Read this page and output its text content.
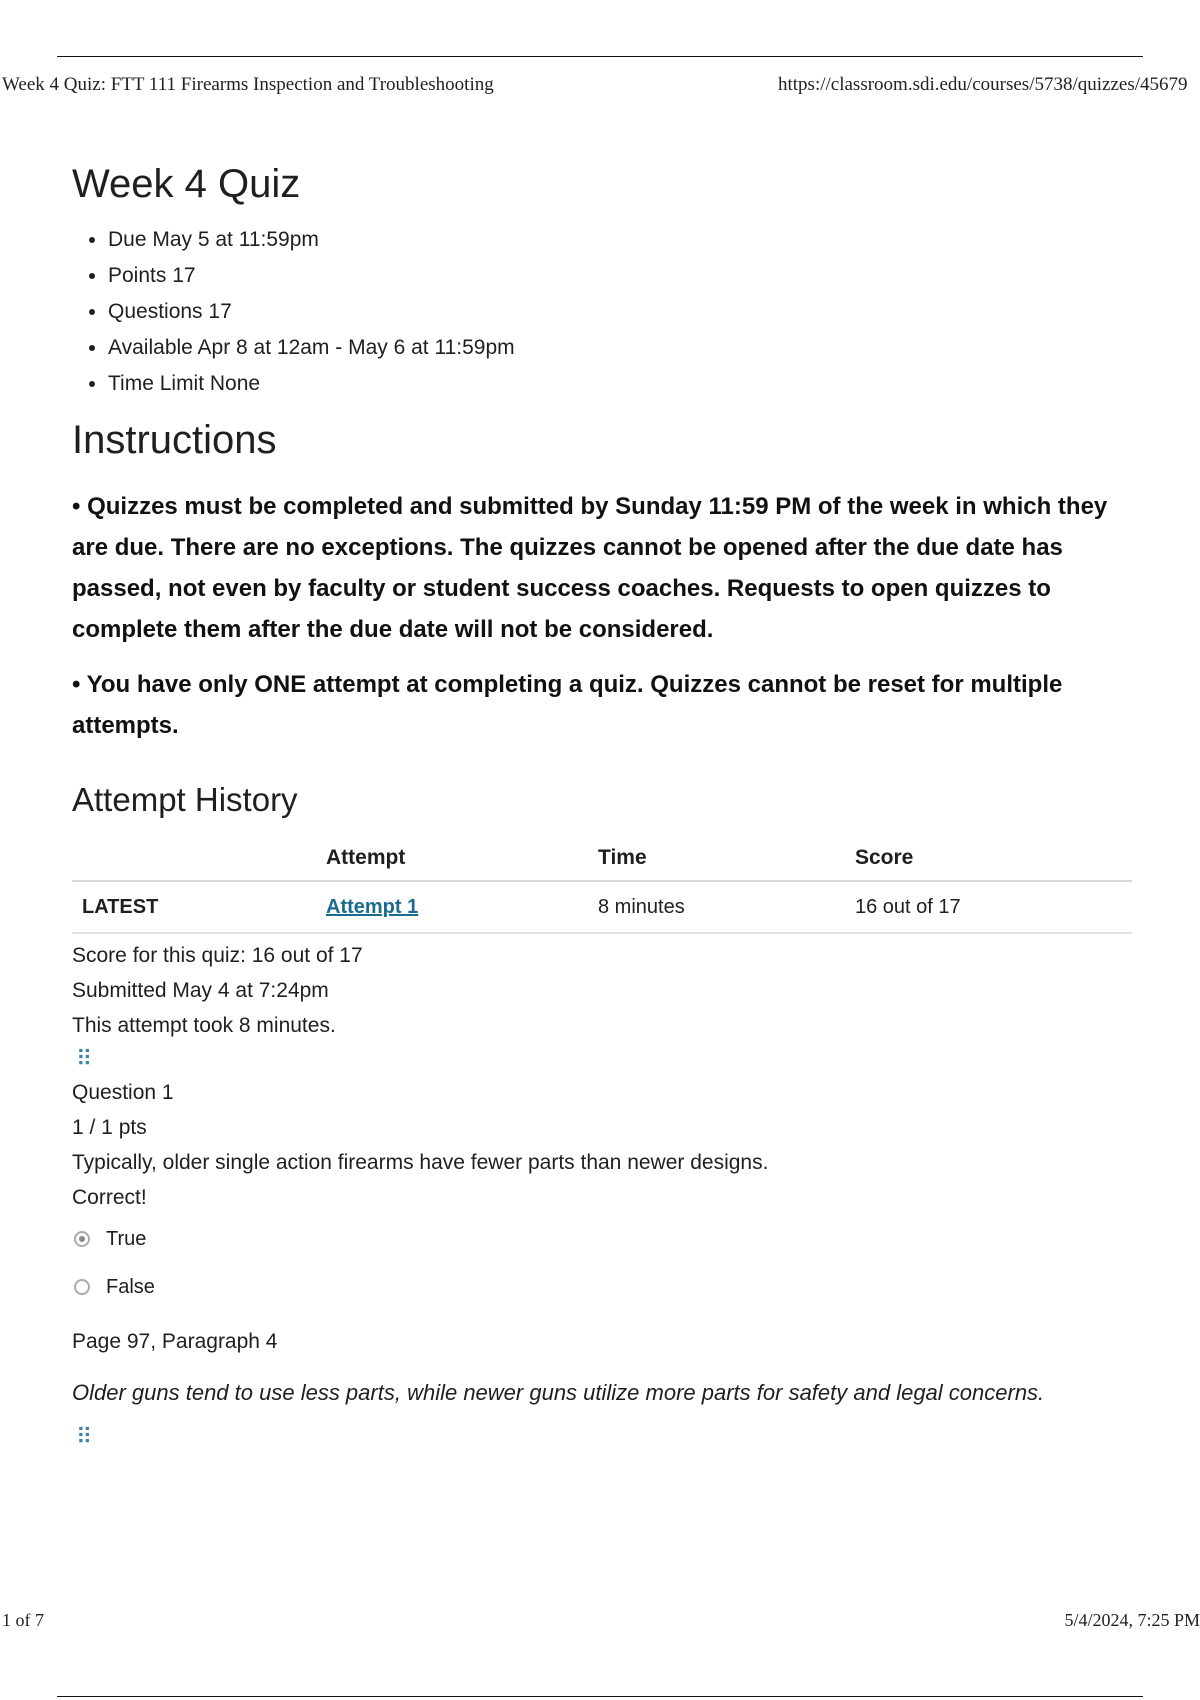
Week 4 Quiz: FTT 111 Firearms Inspection and Troubleshooting	https://classroom.sdi.edu/courses/5738/quizzes/45679
Week 4 Quiz
• Due May 5 at 11:59pm
• Points 17
• Questions 17
• Available Apr 8 at 12am - May 6 at 11:59pm
• Time Limit None
Instructions

• Quizzes must be completed and submitted by Sunday 11:59 PM of the week in which they are due. There are no exceptions. The quizzes cannot be opened after the due date has passed, not even by faculty or student success coaches. Requests to open quizzes to complete them after the due date will not be considered.

• You have only ONE attempt at completing a quiz. Quizzes cannot be reset for multiple attempts.

Attempt History
	Attempt	Time	Score
LATEST	Attempt 1	8 minutes	16 out of 17
Score for this quiz: 16 out of 17
Submitted May 4 at 7:24pm
This attempt took 8 minutes.
⠿
Question 1
1 / 1 pts
Typically, older single action firearms have fewer parts than newer designs.
Correct!
True
False
Page 97, Paragraph 4
Older guns tend to use less parts, while newer guns utilize more parts for safety and legal concerns.
⠿
1 of 7	5/4/2024, 7:25 PM
